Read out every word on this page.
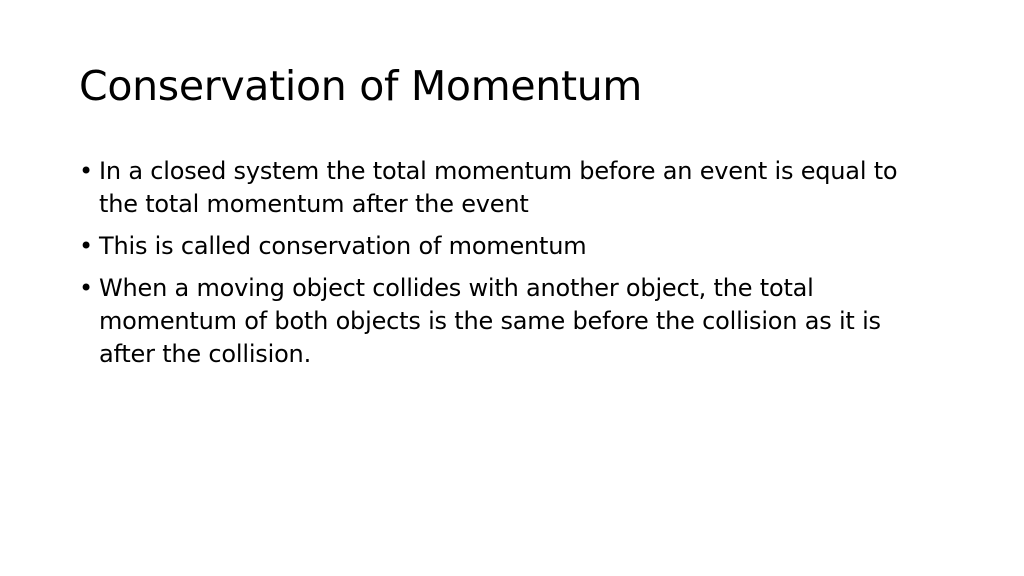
Conservation of Momentum
• In a closed system the total momentum before an event is equal to the total momentum after the event
• This is called conservation of momentum
• When a moving object collides with another object, the total momentum of both objects is the same before the collision as it is after the collision.
